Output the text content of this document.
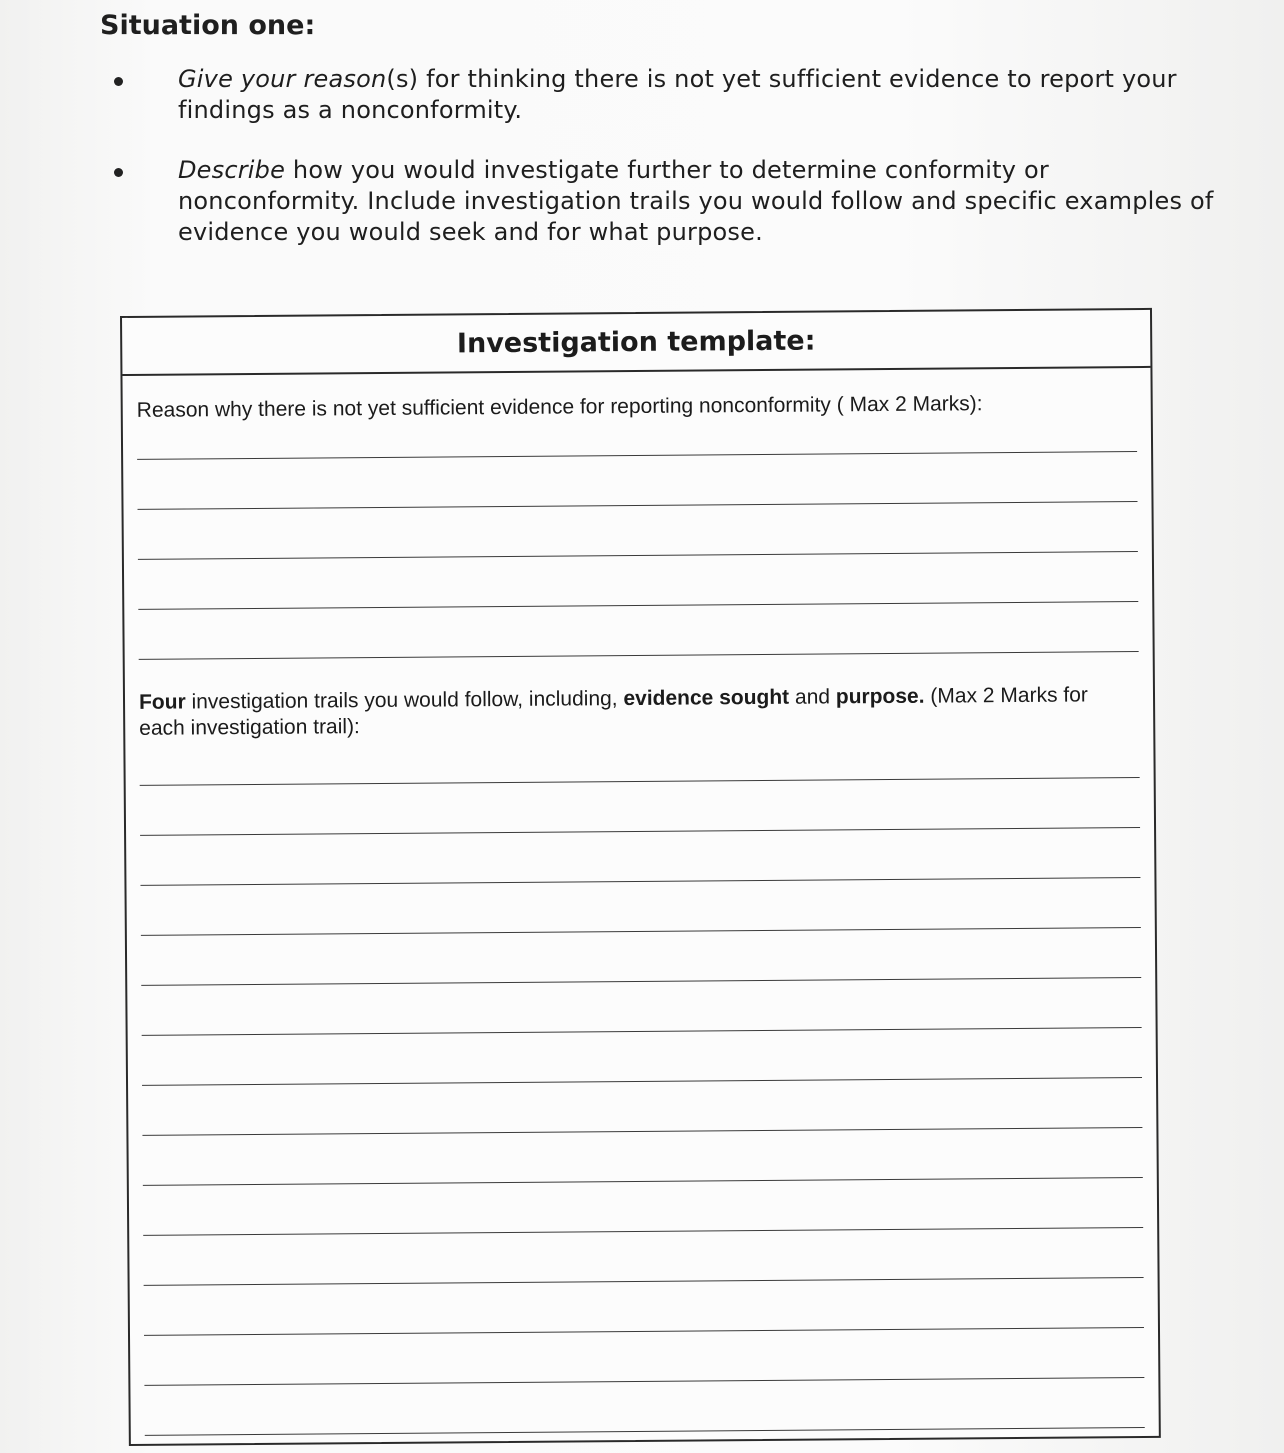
Situation one:
Give your reason(s) for thinking there is not yet sufficient evidence to report your findings as a nonconformity.
Describe how you would investigate further to determine conformity or nonconformity. Include investigation trails you would follow and specific examples of evidence you would seek and for what purpose.
Investigation template:
Reason why there is not yet sufficient evidence for reporting nonconformity ( Max 2 Marks):
Four investigation trails you would follow, including, evidence sought and purpose. (Max 2 Marks for each investigation trail):
